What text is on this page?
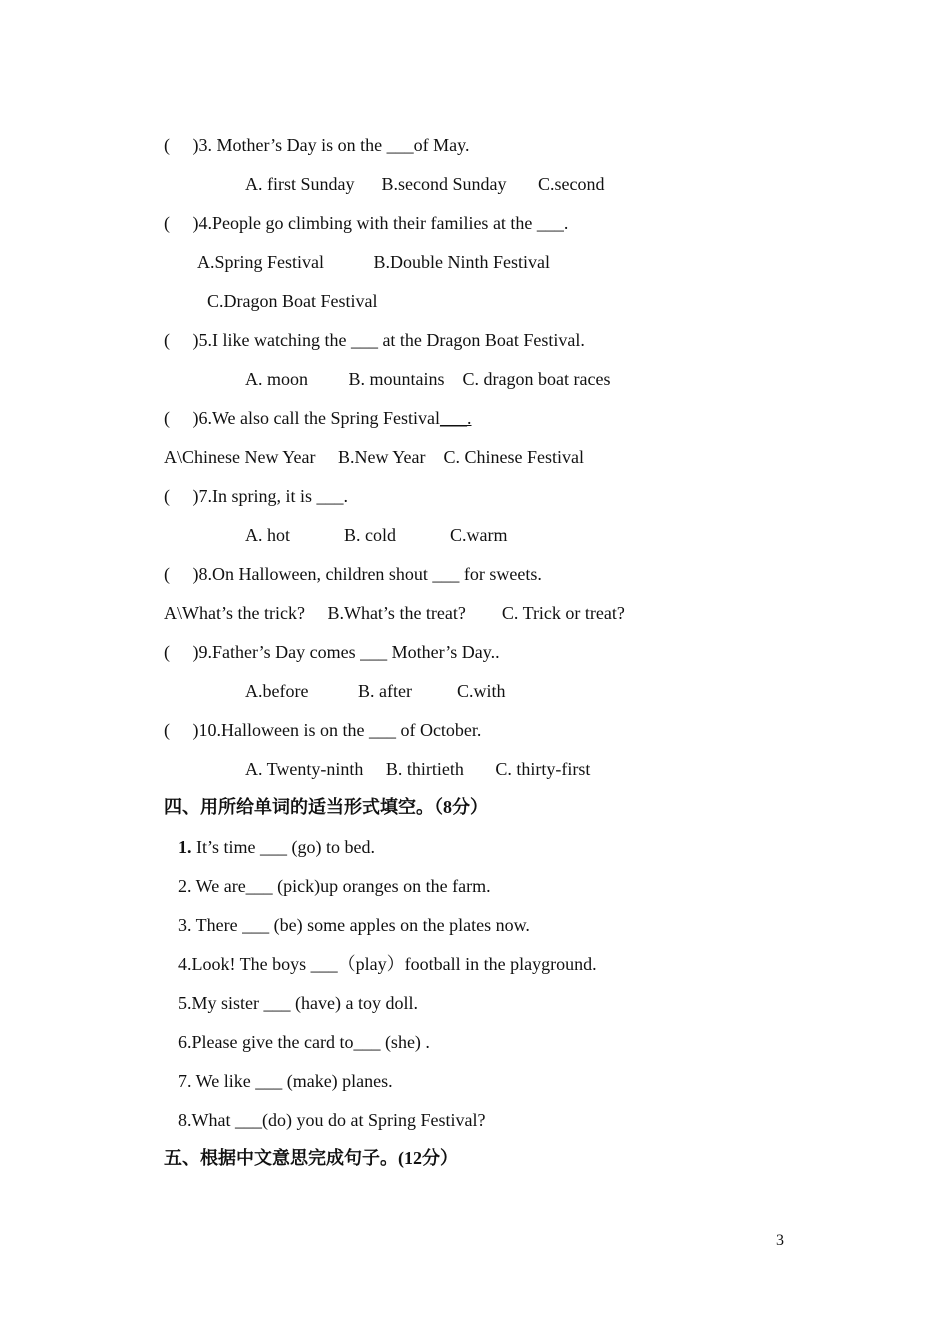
(     )3. Mother’s Day is on the ___of May.
A. first Sunday      B.second Sunday       C.second
(     )4.People go climbing with their families at the ___.
A.Spring Festival           B.Double Ninth Festival
C.Dragon Boat Festival
(     )5.I like watching the ___ at the Dragon Boat Festival.
A. moon         B. mountains    C. dragon boat races
(     )6.We also call the Spring Festival___.
A\Chinese New Year     B.New Year    C. Chinese Festival
(     )7.In spring, it is ___.
A. hot            B. cold            C.warm
(     )8.On Halloween, children shout ___ for sweets.
A\What’s the trick?     B.What’s the treat?        C. Trick or treat?
(     )9.Father’s Day comes ___ Mother’s Day..
A.before           B. after          C.with
(     )10.Halloween is on the ___ of October.
A. Twenty-ninth     B. thirtieth       C. thirty-first
四、用所给单词的适当形式填空。（8分）
1. It’s time ___ (go) to bed.
2. We are___ (pick)up oranges on the farm.
3. There ___ (be) some apples on the plates now.
4.Look! The boys ___（play）football in the playground.
5.My sister ___ (have) a toy doll.
6.Please give the card to___ (she) .
7. We like ___ (make) planes.
8.What ___(do) you do at Spring Festival?
五、根据中文意思完成句子。(12分）
3
